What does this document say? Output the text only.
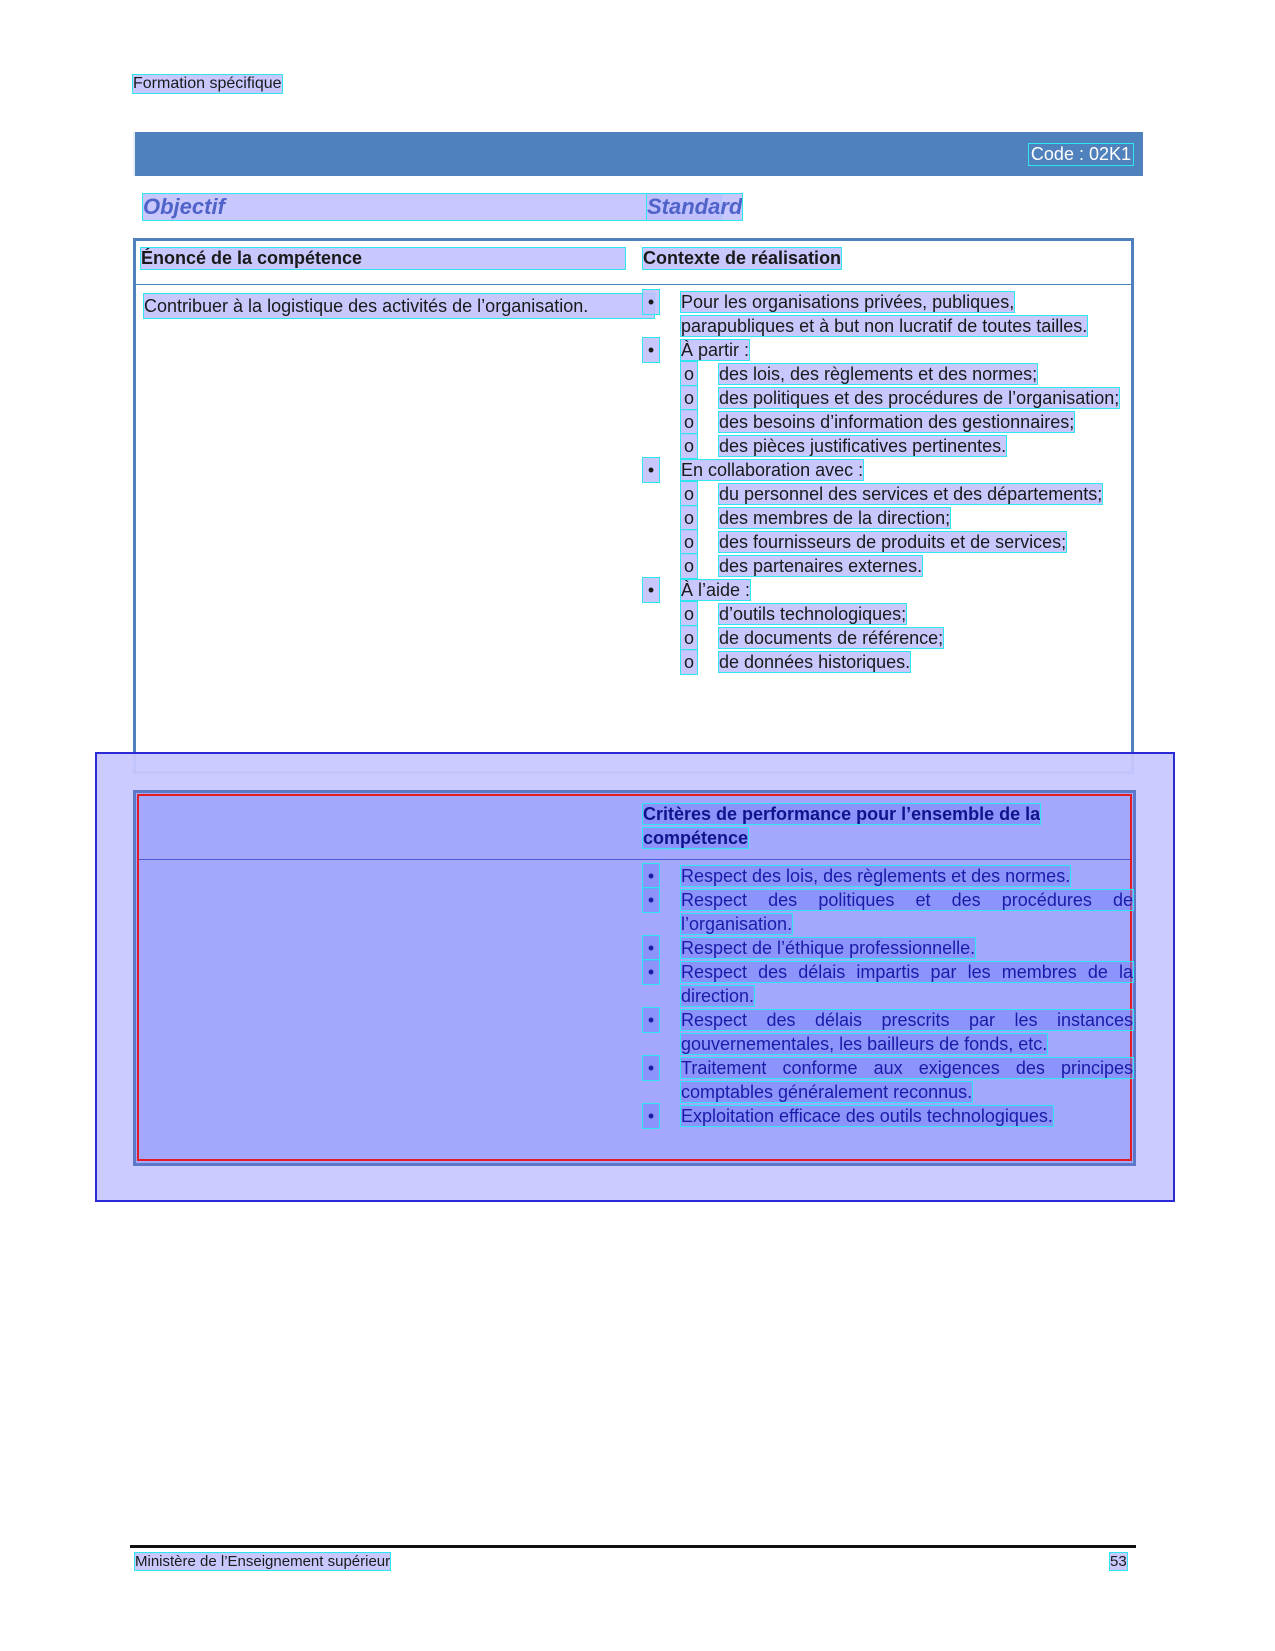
Formation spécifique
Code : 02K1
Objectif	Standard
Énoncé de la compétence	Contexte de réalisation
Contribuer à la logistique des activités de l’organisation.	• Pour les organisations privées, publiques, parapubliques et à but non lucratif de toutes tailles.
• À partir :
o des lois, des règlements et des normes;
o des politiques et des procédures de l’organisation;
o des besoins d’information des gestionnaires;
o des pièces justificatives pertinentes.
• En collaboration avec :
o du personnel des services et des départements;
o des membres de la direction;
o des fournisseurs de produits et de services;
o des partenaires externes.
• À l’aide :
o d’outils technologiques;
o de documents de référence;
o de données historiques.
Critères de performance pour l’ensemble de la compétence
• Respect des lois, des règlements et des normes.
• Respect des politiques et des procédures de l’organisation.
• Respect de l’éthique professionnelle.
• Respect des délais impartis par les membres de la direction.
• Respect des délais prescrits par les instances gouvernementales, les bailleurs de fonds, etc.
• Traitement conforme aux exigences des principes comptables généralement reconnus.
• Exploitation efficace des outils technologiques.
Ministère de l’Enseignement supérieur	53
